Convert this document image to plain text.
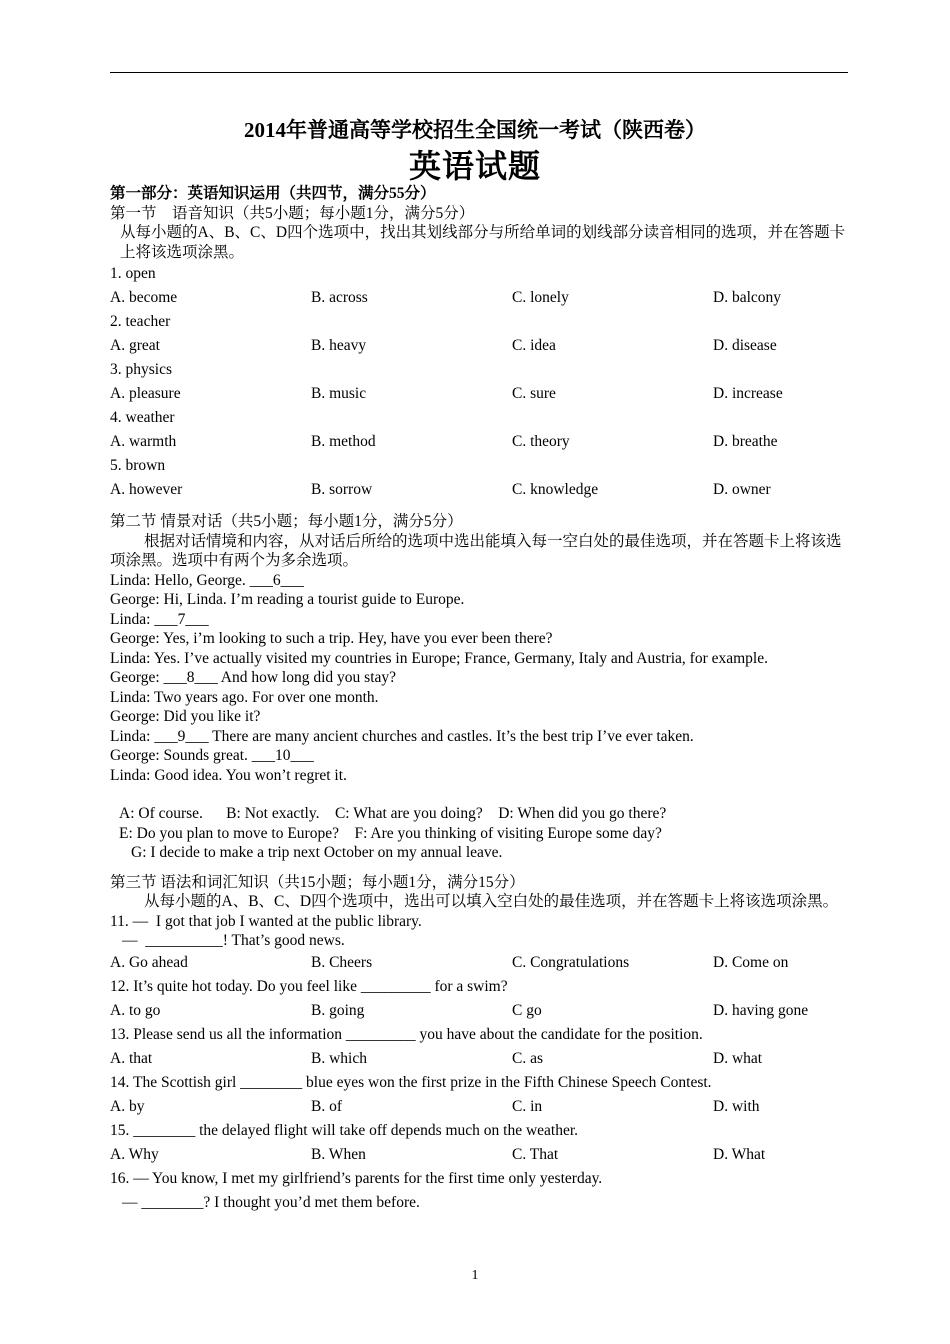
2014年普通高等学校招生全国统一考试（陕西卷）
英语试题
第一部分：英语知识运用（共四节，满分55分）
第一节　语音知识（共5小题；每小题1分，满分5分）
从每小题的A、B、C、D四个选项中，找出其划线部分与所给单词的划线部分读音相同的选项，并在答题卡上将该选项涂黑。
1. open
A. become	B. across	C. lonely	D. balcony
2. teacher
A. great	B. heavy	C. idea	D. disease
3. physics
A. pleasure	B. music	C. sure	D. increase
4. weather
A. warmth	B. method	C. theory	D. breathe
5. brown
A. however	B. sorrow	C. knowledge	D. owner
第二节 情景对话（共5小题；每小题1分，满分5分）
根据对话情境和内容，从对话后所给的选项中选出能填入每一空白处的最佳选项，并在答题卡上将该选项涂黑。选项中有两个为多余选项。
Linda: Hello, George. ___6___
George: Hi, Linda. I’m reading a tourist guide to Europe.
Linda: ___7___
George: Yes, i’m looking to such a trip. Hey, have you ever been there?
Linda: Yes. I’ve actually visited my countries in Europe; France, Germany, Italy and Austria, for example.
George: ___8___ And how long did you stay?
Linda: Two years ago. For over one month.
George: Did you like it?
Linda: ___9___ There are many ancient churches and castles. It’s the best trip I’ve ever taken.
George: Sounds great. ___10___
Linda: Good idea. You won’t regret it.
A: Of course.      B: Not exactly.    C: What are you doing?    D: When did you go there?
E: Do you plan to move to Europe?    F: Are you thinking of visiting Europe some day?
G: I decide to make a trip next October on my annual leave.
第三节 语法和词汇知识（共15小题；每小题1分，满分15分）
从每小题的A、B、C、D四个选项中，选出可以填入空白处的最佳选项，并在答题卡上将该选项涂黑。
11. —  I got that job I wanted at the public library.
—  __________! That’s good news.
A. Go ahead	B. Cheers	C. Congratulations	D. Come on
12. It’s quite hot today. Do you feel like _________ for a swim?
A. to go	B. going	C go	D. having gone
13. Please send us all the information _________ you have about the candidate for the position.
A. that	B. which	C. as	D. what
14. The Scottish girl ________ blue eyes won the first prize in the Fifth Chinese Speech Contest.
A. by	B. of	C. in	D. with
15. ________ the delayed flight will take off depends much on the weather.
A. Why	B. When	C. That	D. What
16. — You know, I met my girlfriend’s parents for the first time only yesterday.
— ________? I thought you’d met them before.
1
